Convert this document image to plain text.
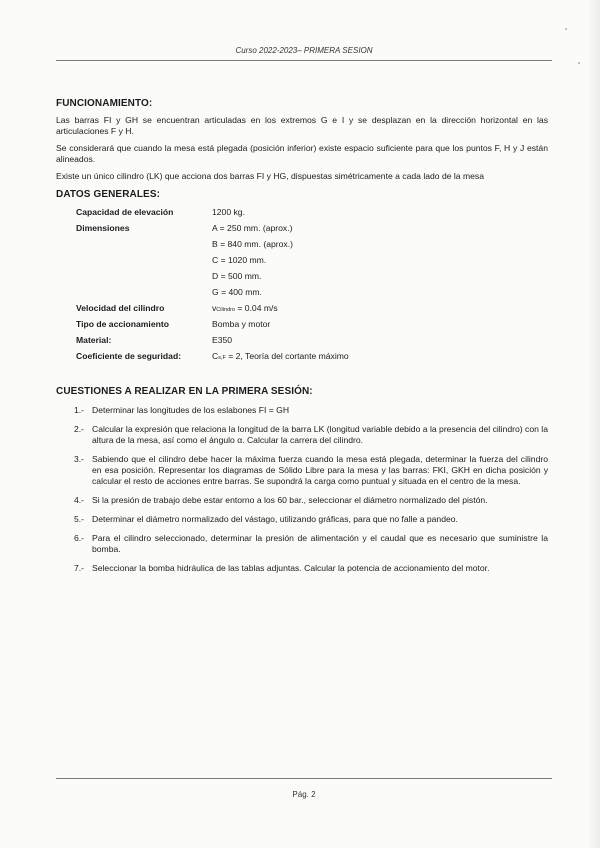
Curso 2022-2023– PRIMERA SESION
FUNCIONAMIENTO:

Las barras FI y GH se encuentran articuladas en los extremos G e I y se desplazan en la dirección horizontal en las articulaciones F y H.

Se considerará que cuando la mesa está plegada (posición inferior) existe espacio suficiente para que los puntos F, H y J están alineados.

Existe un único cilindro (LK) que acciona dos barras FI y HG, dispuestas simétricamente a cada lado de la mesa

DATOS GENERALES:
Capacidad de elevación	1200 kg.
Dimensiones	A = 250 mm. (aprox.)
	B = 840 mm. (aprox.)
	C = 1020 mm.
	D = 500 mm.
	G = 400 mm.
Velocidad del cilindro	vCilindro = 0.04 m/s
Tipo de accionamiento	Bomba y motor
Material:	E350
Coeficiente de seguridad:	Cs,F = 2, Teoría del cortante máximo
CUESTIONES A REALIZAR EN LA PRIMERA SESIÓN:
1.- Determinar las longitudes de los eslabones FI = GH
2.- Calcular la expresión que relaciona la longitud de la barra LK (longitud variable debido a la presencia del cilindro) con la altura de la mesa, así como el ángulo α. Calcular la carrera del cilindro.
3.- Sabiendo que el cilindro debe hacer la máxima fuerza cuando la mesa está plegada, determinar la fuerza del cilindro en esa posición. Representar los diagramas de Sólido Libre para la mesa y las barras: FKI, GKH en dicha posición y calcular el resto de acciones entre barras. Se supondrá la carga como puntual y situada en el centro de la mesa.
4.- Si la presión de trabajo debe estar entorno a los 60 bar., seleccionar el diámetro normalizado del pistón.
5.- Determinar el diámetro normalizado del vástago, utilizando gráficas, para que no falle a pandeo.
6.- Para el cilindro seleccionado, determinar la presión de alimentación y el caudal que es necesario que suministre la bomba.
7.- Seleccionar la bomba hidráulica de las tablas adjuntas. Calcular la potencia de accionamiento del motor.
Pág. 2
